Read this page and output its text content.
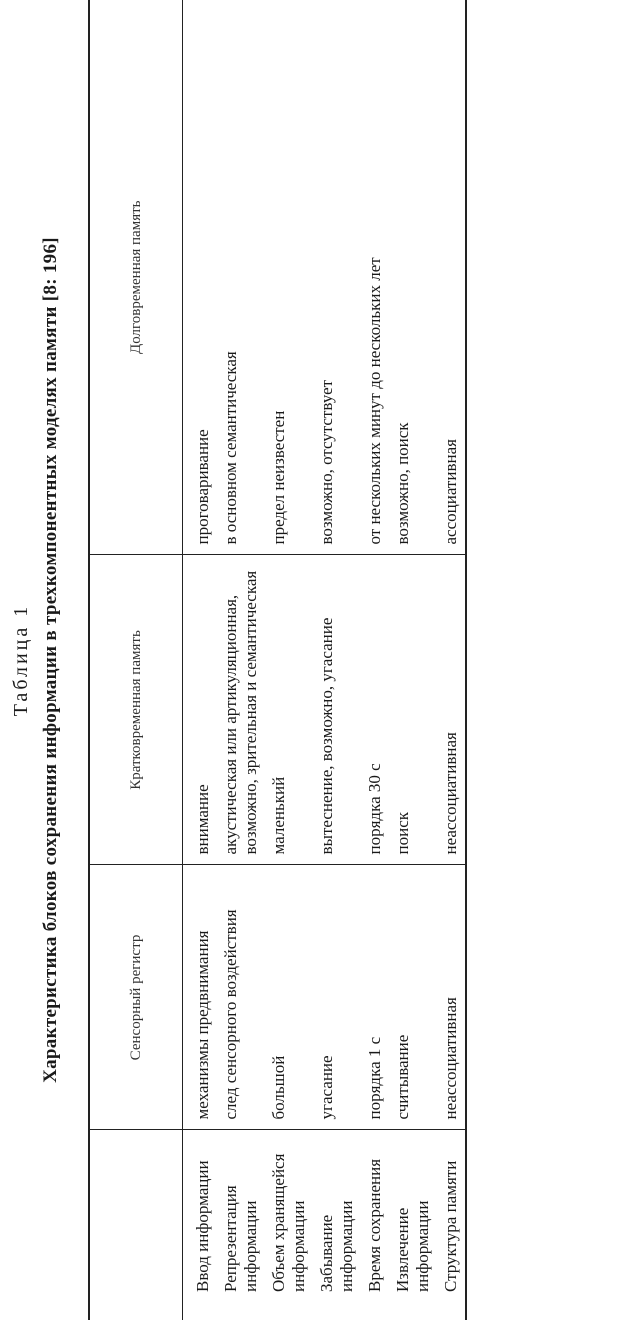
Таблица 1 Характеристика блоков сохранения информации в трехкомпонентных моделях памяти [8: 196]
		Сенсорный регистр	Кратковременная память	Долговременная память
Ввод информации	механизмы предвнимания	внимание	проговаривание
Репрезентация информации	след сенсорного воздействия	акустическая или артикуляционная, возможно, зрительная и семантическая	в основном семантическая
Объем хранящейся информации	большой	маленький	предел неизвестен
Забывание информации	угасание	вытеснение, возможно, угасание	возможно, отсутствует
Время сохранения	порядка 1 с	порядка 30 с	от нескольких минут до нескольких лет
Извлечение информации	считывание	поиск	возможно, поиск
Структура памяти	неассоциативная	неассоциативная	ассоциативная
